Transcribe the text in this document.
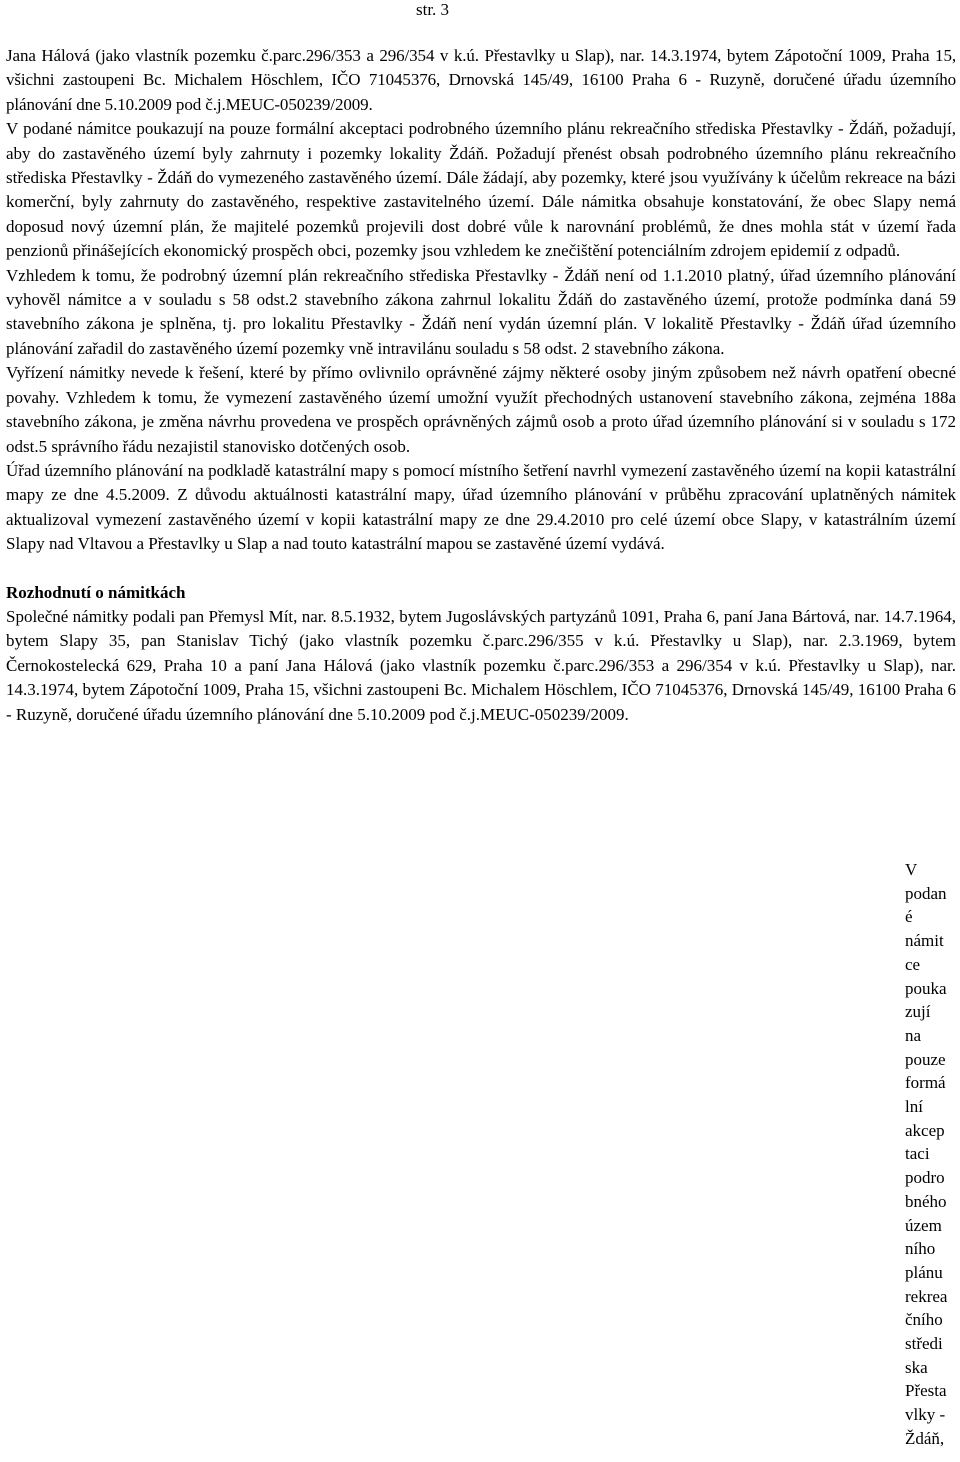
str. 3

Jana Hálová (jako vlastník pozemku č.parc.296/353 a 296/354 v k.ú. Přestavlky u Slap), nar. 14.3.1974, bytem Zápotoční 1009, Praha 15, všichni zastoupeni Bc. Michalem Höschlem, IČO 71045376, Drnovská 145/49, 16100 Praha 6 - Ruzyně, doručené úřadu územního plánování dne 5.10.2009 pod č.j.MEUC-050239/2009.

V podané námitce poukazují na pouze formální akceptaci podrobného územního plánu rekreačního střediska Přestavlky - Ždáň, požadují, aby do zastavěného území byly zahrnuty i pozemky lokality Ždáň. Požadují přenést obsah podrobného územního plánu rekreačního střediska Přestavlky - Ždáň do vymezeného zastavěného území. Dále žádají, aby pozemky, které jsou využívány k účelům rekreace na bázi komerční, byly zahrnuty do zastavěného, respektive zastavitelného území. Dále námitka obsahuje konstatování, že obec Slapy nemá doposud nový územní plán, že majitelé pozemků projevili dost dobré vůle k narovnání problémů, že dnes mohla stát v území řada penzionů přinášejících ekonomický prospěch obci, pozemky jsou vzhledem ke znečištění potenciálním zdrojem epidemií z odpadů.

Vzhledem k tomu, že podrobný územní plán rekreačního střediska Přestavlky - Ždáň není od 1.1.2010 platný, úřad územního plánování vyhověl námitce a v souladu s 58 odst.2 stavebního zákona zahrnul lokalitu Ždáň do zastavěného území, protože podmínka daná 59 stavebního zákona je splněna, tj. pro lokalitu Přestavlky - Ždáň není vydán územní plán. V lokalitě Přestavlky - Ždáň úřad územního plánování zařadil do zastavěného území pozemky vně intravilánu souladu s 58 odst. 2 stavebního zákona.

Vyřízení námitky nevede k řešení, které by přímo ovlivnilo oprávněné zájmy některé osoby jiným způsobem než návrh opatření obecné povahy. Vzhledem k tomu, že vymezení zastavěného území umožní využít přechodných ustanovení stavebního zákona, zejména 188a stavebního zákona, je změna návrhu provedena ve prospěch oprávněných zájmů osob a proto úřad územního plánování si v souladu s 172 odst.5 správního řádu nezajistil stanovisko dotčených osob.

Úřad územního plánování na podkladě katastrální mapy s pomocí místního šetření navrhl vymezení zastavěného území na kopii katastrální mapy ze dne 4.5.2009. Z důvodu aktuálnosti katastrální mapy, úřad územního plánování v průběhu zpracování uplatněných námitek aktualizoval vymezení zastavěného území v kopii katastrální mapy ze dne 29.4.2010 pro celé území obce Slapy, v katastrálním území Slapy nad Vltavou a Přestavlky u Slap a nad touto katastrální mapou se zastavěné území vydává.

Rozhodnutí o námitkách

Společné námitky podali pan Přemysl Mít, nar. 8.5.1932, bytem Jugoslávských partyzánů 1091, Praha 6, paní Jana Bártová, nar. 14.7.1964, bytem Slapy 35, pan Stanislav Tichý (jako vlastník pozemku č.parc.296/355 v k.ú. Přestavlky u Slap), nar. 2.3.1969, bytem Černokostelecká 629, Praha 10 a paní Jana Hálová (jako vlastník pozemku č.parc.296/353 a 296/354 v k.ú. Přestavlky u Slap), nar. 14.3.1974, bytem Zápotoční 1009, Praha 15, všichni zastoupeni Bc. Michalem Höschlem, IČO 71045376, Drnovská 145/49, 16100 Praha 6 - Ruzyně, doručené úřadu územního plánování dne 5.10.2009 pod č.j.MEUC-050239/2009.

V
podan
é
námit
ce
pouka
zují
na
pouze
formá
lní
akcep
taci
podro
bného
územ
ního
plánu
rekrea
čního
středi
ska
Přesta
vlky -
Ždáň,
